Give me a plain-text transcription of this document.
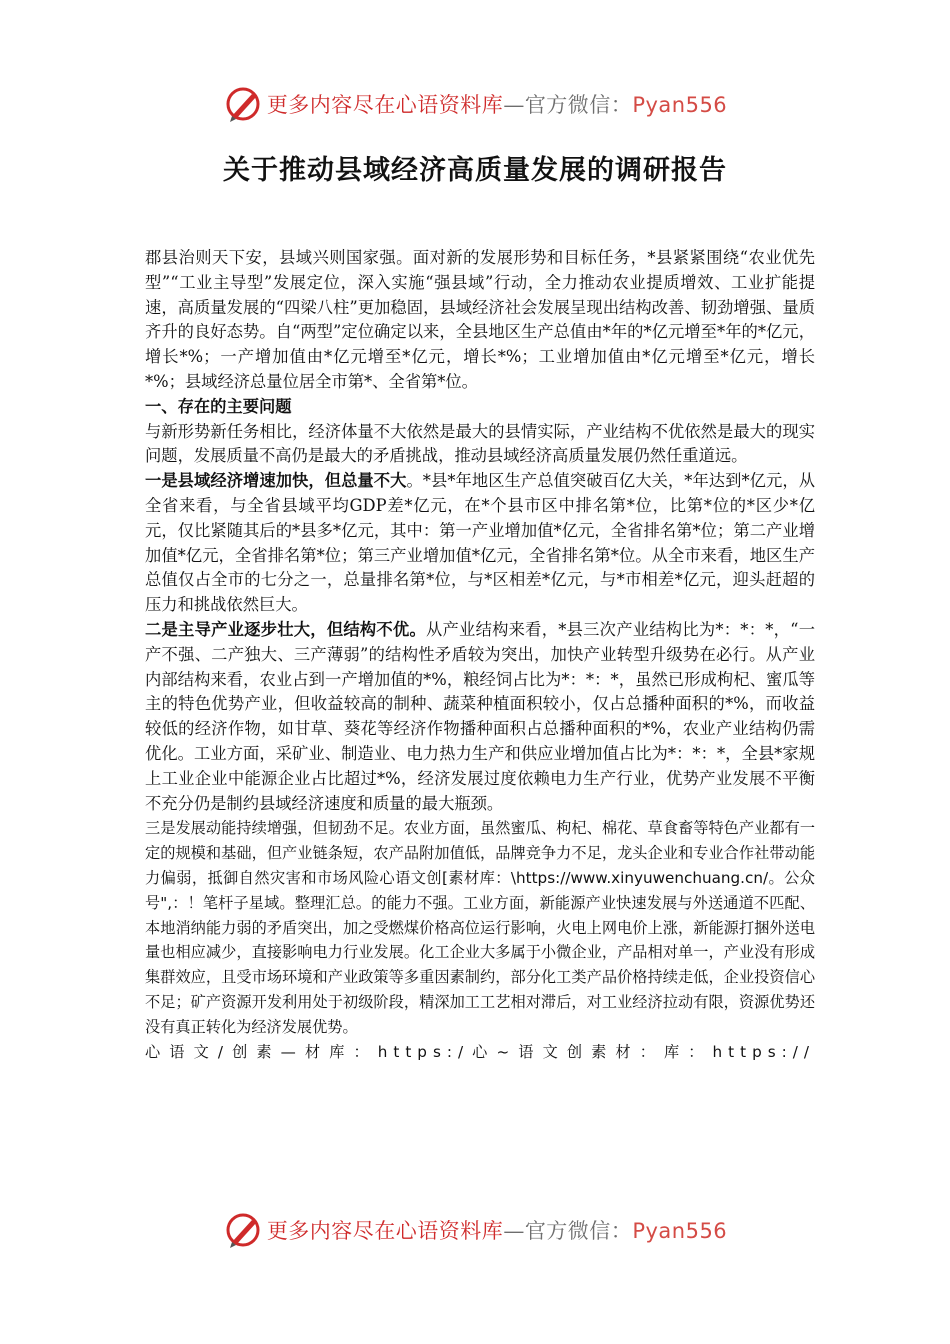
更多内容尽在心语资料库—官方微信：Pyan556
关于推动县域经济高质量发展的调研报告

郡县治则天下安，县域兴则国家强。面对新的发展形势和目标任务，*县紧紧围绕“农业优先型”“工业主导型”发展定位，深入实施“强县域”行动，全力推动农业提质增效、工业扩能提速，高质量发展的“四梁八柱”更加稳固，县域经济社会发展呈现出结构改善、韧劲增强、量质齐升的良好态势。自“两型”定位确定以来，全县地区生产总值由*年的*亿元增至*年的*亿元，增长*%；一产增加值由*亿元增至*亿元，增长*%；工业增加值由*亿元增至*亿元，增长*%；县域经济总量位居全市第*、全省第*位。

一、存在的主要问题

与新形势新任务相比，经济体量不大依然是最大的县情实际，产业结构不优依然是最大的现实问题，发展质量不高仍是最大的矛盾挑战，推动县域经济高质量发展仍然任重道远。

一是县域经济增速加快，但总量不大。*县*年地区生产总值突破百亿大关，*年达到*亿元，从全省来看，与全省县域平均GDP差*亿元，在*个县市区中排名第*位，比第*位的*区少*亿元，仅比紧随其后的*县多*亿元，其中：第一产业增加值*亿元，全省排名第*位；第二产业增加值*亿元，全省排名第*位；第三产业增加值*亿元，全省排名第*位。从全市来看，地区生产总值仅占全市的七分之一，总量排名第*位，与*区相差*亿元，与*市相差*亿元，迎头赶超的压力和挑战依然巨大。

二是主导产业逐步壮大，但结构不优。从产业结构来看，*县三次产业结构比为*：*：*，“一产不强、二产独大、三产薄弱”的结构性矛盾较为突出，加快产业转型升级势在必行。从产业内部结构来看，农业占到一产增加值的*%，粮经饲占比为*：*：*，虽然已形成枸杞、蜜瓜等主的特色优势产业，但收益较高的制种、蔬菜种植面积较小，仅占总播种面积的*%，而收益较低的经济作物，如甘草、葵花等经济作物播种面积占总播种面积的*%，农业产业结构仍需优化。工业方面，采矿业、制造业、电力热力生产和供应业增加值占比为*：*：*，全县*家规上工业企业中能源企业占比超过*%，经济发展过度依赖电力生产行业，优势产业发展不平衡不充分仍是制约县域经济速度和质量的最大瓶颈。

三是发展动能持续增强，但韧劲不足。农业方面，虽然蜜瓜、枸杞、棉花、草食畜等特色产业都有一定的规模和基础，但产业链条短，农产品附加值低，品牌竞争力不足，龙头企业和专业合作社带动能力偏弱，抵御自然灾害和市场风险心语文创[素材库：\https://www.xinyuwenchuang.cn/。公众号",：！笔杆子星域。整理汇总。的能力不强。工业方面，新能源产业快速发展与外送通道不匹配、本地消纳能力弱的矛盾突出，加之受燃煤价格高位运行影响，火电上网电价上涨，新能源打捆外送电量也相应减少，直接影响电力行业发展。化工企业大多属于小微企业，产品相对单一，产业没有形成集群效应，且受市场环境和产业政策等多重因素制约，部分化工类产品价格持续走低，企业投资信心不足；矿产资源开发利用处于初级阶段，精深加工工艺相对滞后，对工业经济拉动有限，资源优势还没有真正转化为经济发展优势。

心语文/创素—材库：https:/心~语文创素材：库：https://

更多内容尽在心语资料库—官方微信：Pyan556
